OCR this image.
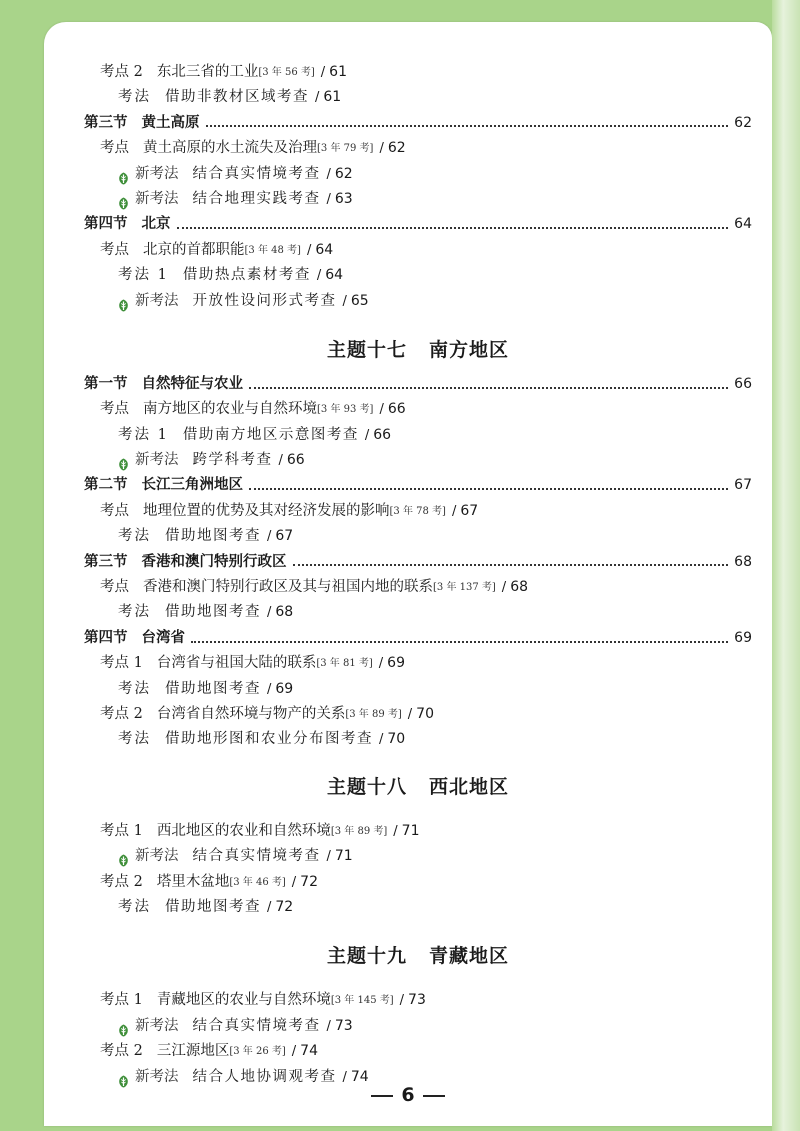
考点 2 东北三省的工业 [3 年 56 考] / 61
考法 借助非教材区域考查 / 61
第三节 黄土高原	62
考点 黄土高原的水土流失及治理 [3 年 79 考] / 62
新考法 结合真实情境考查 / 62
新考法 结合地理实践考查 / 63
第四节 北京	64
考点 北京的首都职能 [3 年 48 考] / 64
考法 1 借助热点素材考查 / 64
新考法 开放性设问形式考查 / 65
主题十七 南方地区
第一节 自然特征与农业	66
考点 南方地区的农业与自然环境 [3 年 93 考] / 66
考法 1 借助南方地区示意图考查 / 66
新考法 跨学科考查 / 66
第二节 长江三角洲地区	67
考点 地理位置的优势及其对经济发展的影响 [3 年 78 考] / 67
考法 借助地图考查 / 67
第三节 香港和澳门特别行政区	68
考点 香港和澳门特别行政区及其与祖国内地的联系 [3 年 137 考] / 68
考法 借助地图考查 / 68
第四节 台湾省	69
考点 1 台湾省与祖国大陆的联系 [3 年 81 考] / 69
考法 借助地图考查 / 69
考点 2 台湾省自然环境与物产的关系 [3 年 89 考] / 70
考法 借助地形图和农业分布图考查 / 70
主题十八 西北地区
考点 1 西北地区的农业和自然环境 [3 年 89 考] / 71
新考法 结合真实情境考查 / 71
考点 2 塔里木盆地 [3 年 46 考] / 72
考法 借助地图考查 / 72
主题十九 青藏地区
考点 1 青藏地区的农业与自然环境 [3 年 145 考] / 73
新考法 结合真实情境考查 / 73
考点 2 三江源地区 [3 年 26 考] / 74
新考法 结合人地协调观考查 / 74
6
